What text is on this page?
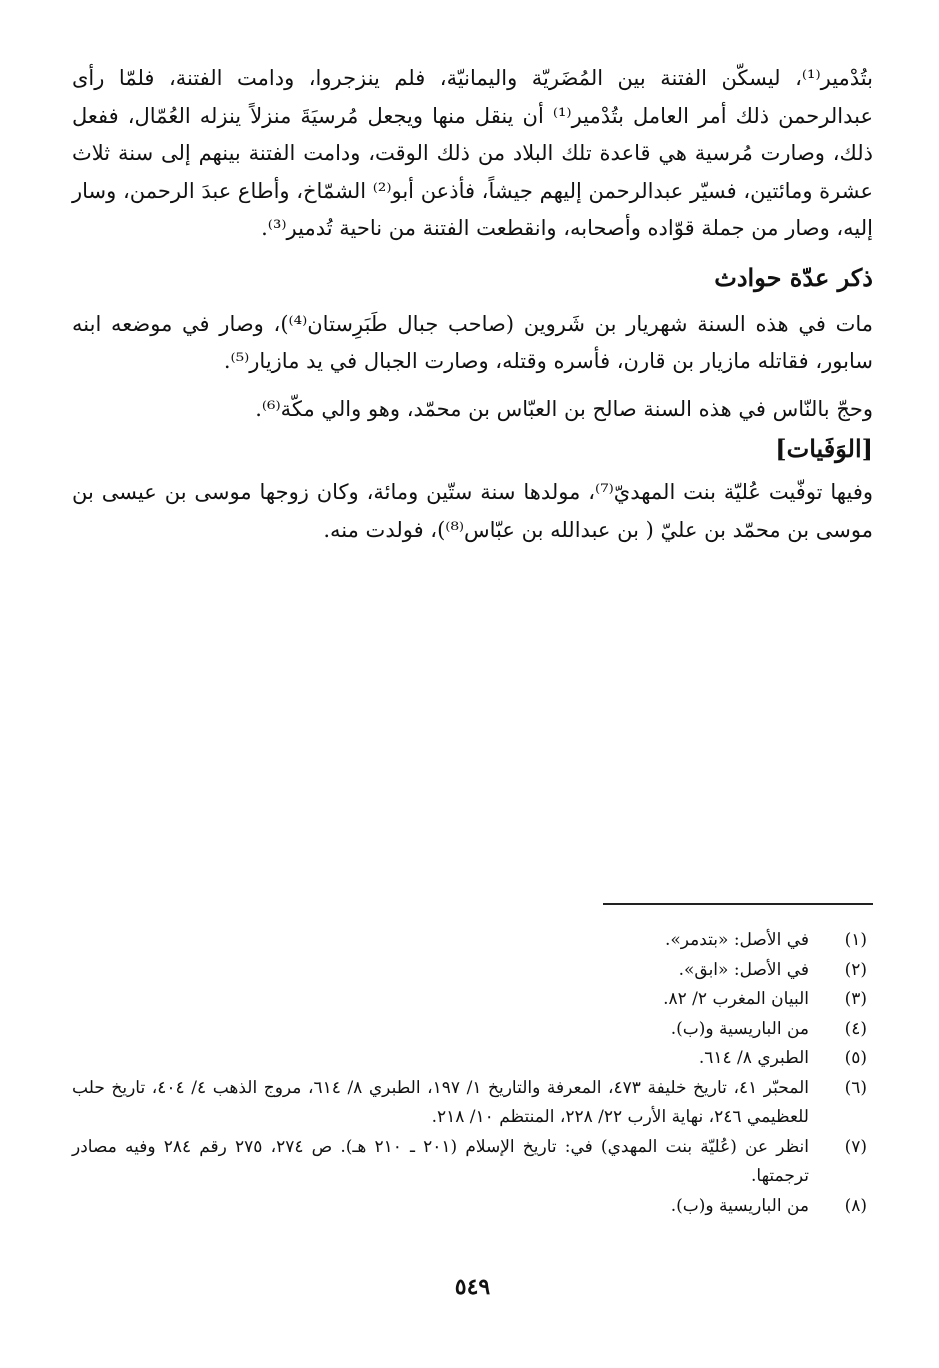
بتُدْمير⁽¹⁾، ليسكّن الفتنة بين المُضَريّة واليمانيّة، فلم ينزجروا، ودامت الفتنة، فلمّا رأى عبدالرحمن ذلك أمر العامل بتُدْمير⁽¹⁾ أن ينقل منها ويجعل مُرسيَةَ منزلاً ينزله العُمّال، ففعل ذلك، وصارت مُرسية هي قاعدة تلك البلاد من ذلك الوقت، ودامت الفتنة بينهم إلى سنة ثلاث عشرة ومائتين، فسيّر عبدالرحمن إليهم جيشاً، فأذعن أبو⁽²⁾ الشمّاخ، وأطاع عبدَ الرحمن، وسار إليه، وصار من جملة قوّاده وأصحابه، وانقطعت الفتنة من ناحية تُدمير⁽³⁾.

ذكر عدّة حوادث

مات في هذه السنة شهريار بن شَروين (صاحب جبال طَبَرِستان⁽⁴⁾)، وصار في موضعه ابنه سابور، فقاتله مازيار بن قارن، فأسره وقتله، وصارت الجبال في يد مازيار⁽⁵⁾.

وحجّ بالنّاس في هذه السنة صالح بن العبّاس بن محمّد، وهو والي مكّة⁽⁶⁾.

[الوَفَيات]

وفيها توفّيت عُليّة بنت المهديّ⁽⁷⁾، مولدها سنة ستّين ومائة، وكان زوجها موسى بن عيسى بن موسى بن محمّد بن عليّ ( بن عبدالله بن عبّاس⁽⁸⁾)، فولدت منه.

(١)
في الأصل: «بتدمر».
(٢)
في الأصل: «ابق».
(٣)
البيان المغرب ٢/ ٨٢.
(٤)
من الباريسية و(ب).
(٥)
الطبري ٨/ ٦١٤.
(٦)
المحبّر ٤١، تاريخ خليفة ٤٧٣، المعرفة والتاريخ ١/ ١٩٧، الطبري ٨/ ٦١٤، مروج الذهب ٤/ ٤٠٤، تاريخ حلب للعظيمي ٢٤٦، نهاية الأرب ٢٢/ ٢٢٨، المنتظم ١٠/ ٢١٨.
(٧)
انظر عن (عُليّة بنت المهدي) في: تاريخ الإسلام (٢٠١ ـ ٢١٠ هـ). ص ٢٧٤، ٢٧٥ رقم ٢٨٤ وفيه مصادر ترجمتها.
(٨)
من الباريسية و(ب).
٥٤٩
